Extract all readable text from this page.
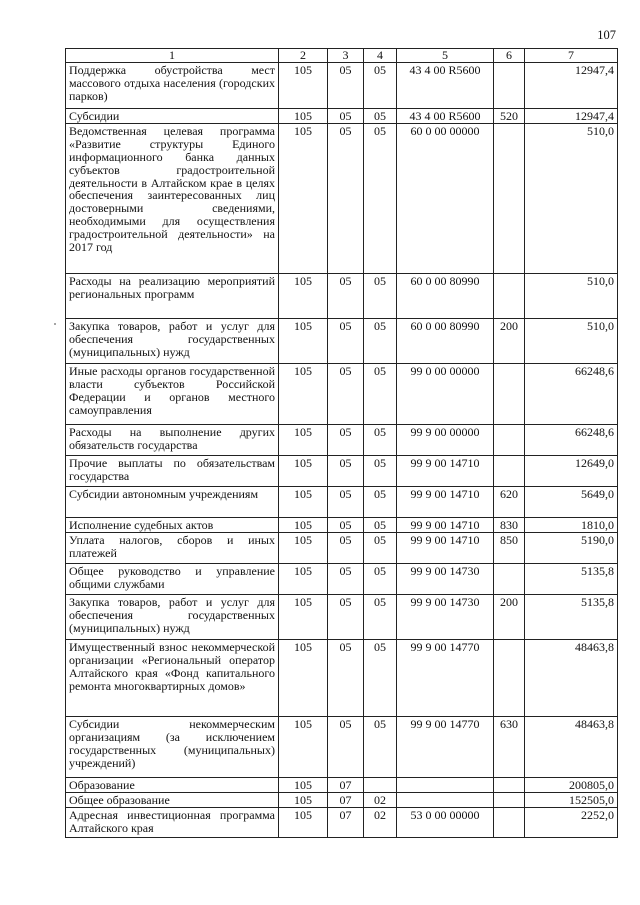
107
1	2	3	4	5	6	7
Поддержка обустройства мест массового отдыха населения (городских парков)	105	05	05	43 4 00 R5600		12947,4
Субсидии	105	05	05	43 4 00 R5600	520	12947,4
Ведомственная целевая программа «Развитие структуры Единого информационного банка данных субъектов градостроительной деятельности в Алтайском крае в целях обеспечения заинтересованных лиц достоверными сведениями, необходимыми для осуществления градостроительной деятельности» на 2017 год	105	05	05	60 0 00 00000		510,0
Расходы на реализацию мероприятий региональных программ	105	05	05	60 0 00 80990		510,0
Закупка товаров, работ и услуг для обеспечения государственных (муниципальных) нужд	105	05	05	60 0 00 80990	200	510,0
Иные расходы органов государственной власти субъектов Российской Федерации и органов местного самоуправления	105	05	05	99 0 00 00000		66248,6
Расходы на выполнение других обязательств государства	105	05	05	99 9 00 00000		66248,6
Прочие выплаты по обязательствам государства	105	05	05	99 9 00 14710		12649,0
Субсидии автономным учреждениям	105	05	05	99 9 00 14710	620	5649,0
Исполнение судебных актов	105	05	05	99 9 00 14710	830	1810,0
Уплата налогов, сборов и иных платежей	105	05	05	99 9 00 14710	850	5190,0
Общее руководство и управление общими службами	105	05	05	99 9 00 14730		5135,8
Закупка товаров, работ и услуг для обеспечения государственных (муниципальных) нужд	105	05	05	99 9 00 14730	200	5135,8
Имущественный взнос некоммерческой организации «Региональный оператор Алтайского края «Фонд капитального ремонта многоквартирных домов»	105	05	05	99 9 00 14770		48463,8
Субсидии некоммерческим организациям (за исключением государственных (муниципальных) учреждений)	105	05	05	99 9 00 14770	630	48463,8
Образование	105	07				200805,0
Общее образование	105	07	02			152505,0
Адресная инвестиционная программа Алтайского края	105	07	02	53 0 00 00000		2252,0
